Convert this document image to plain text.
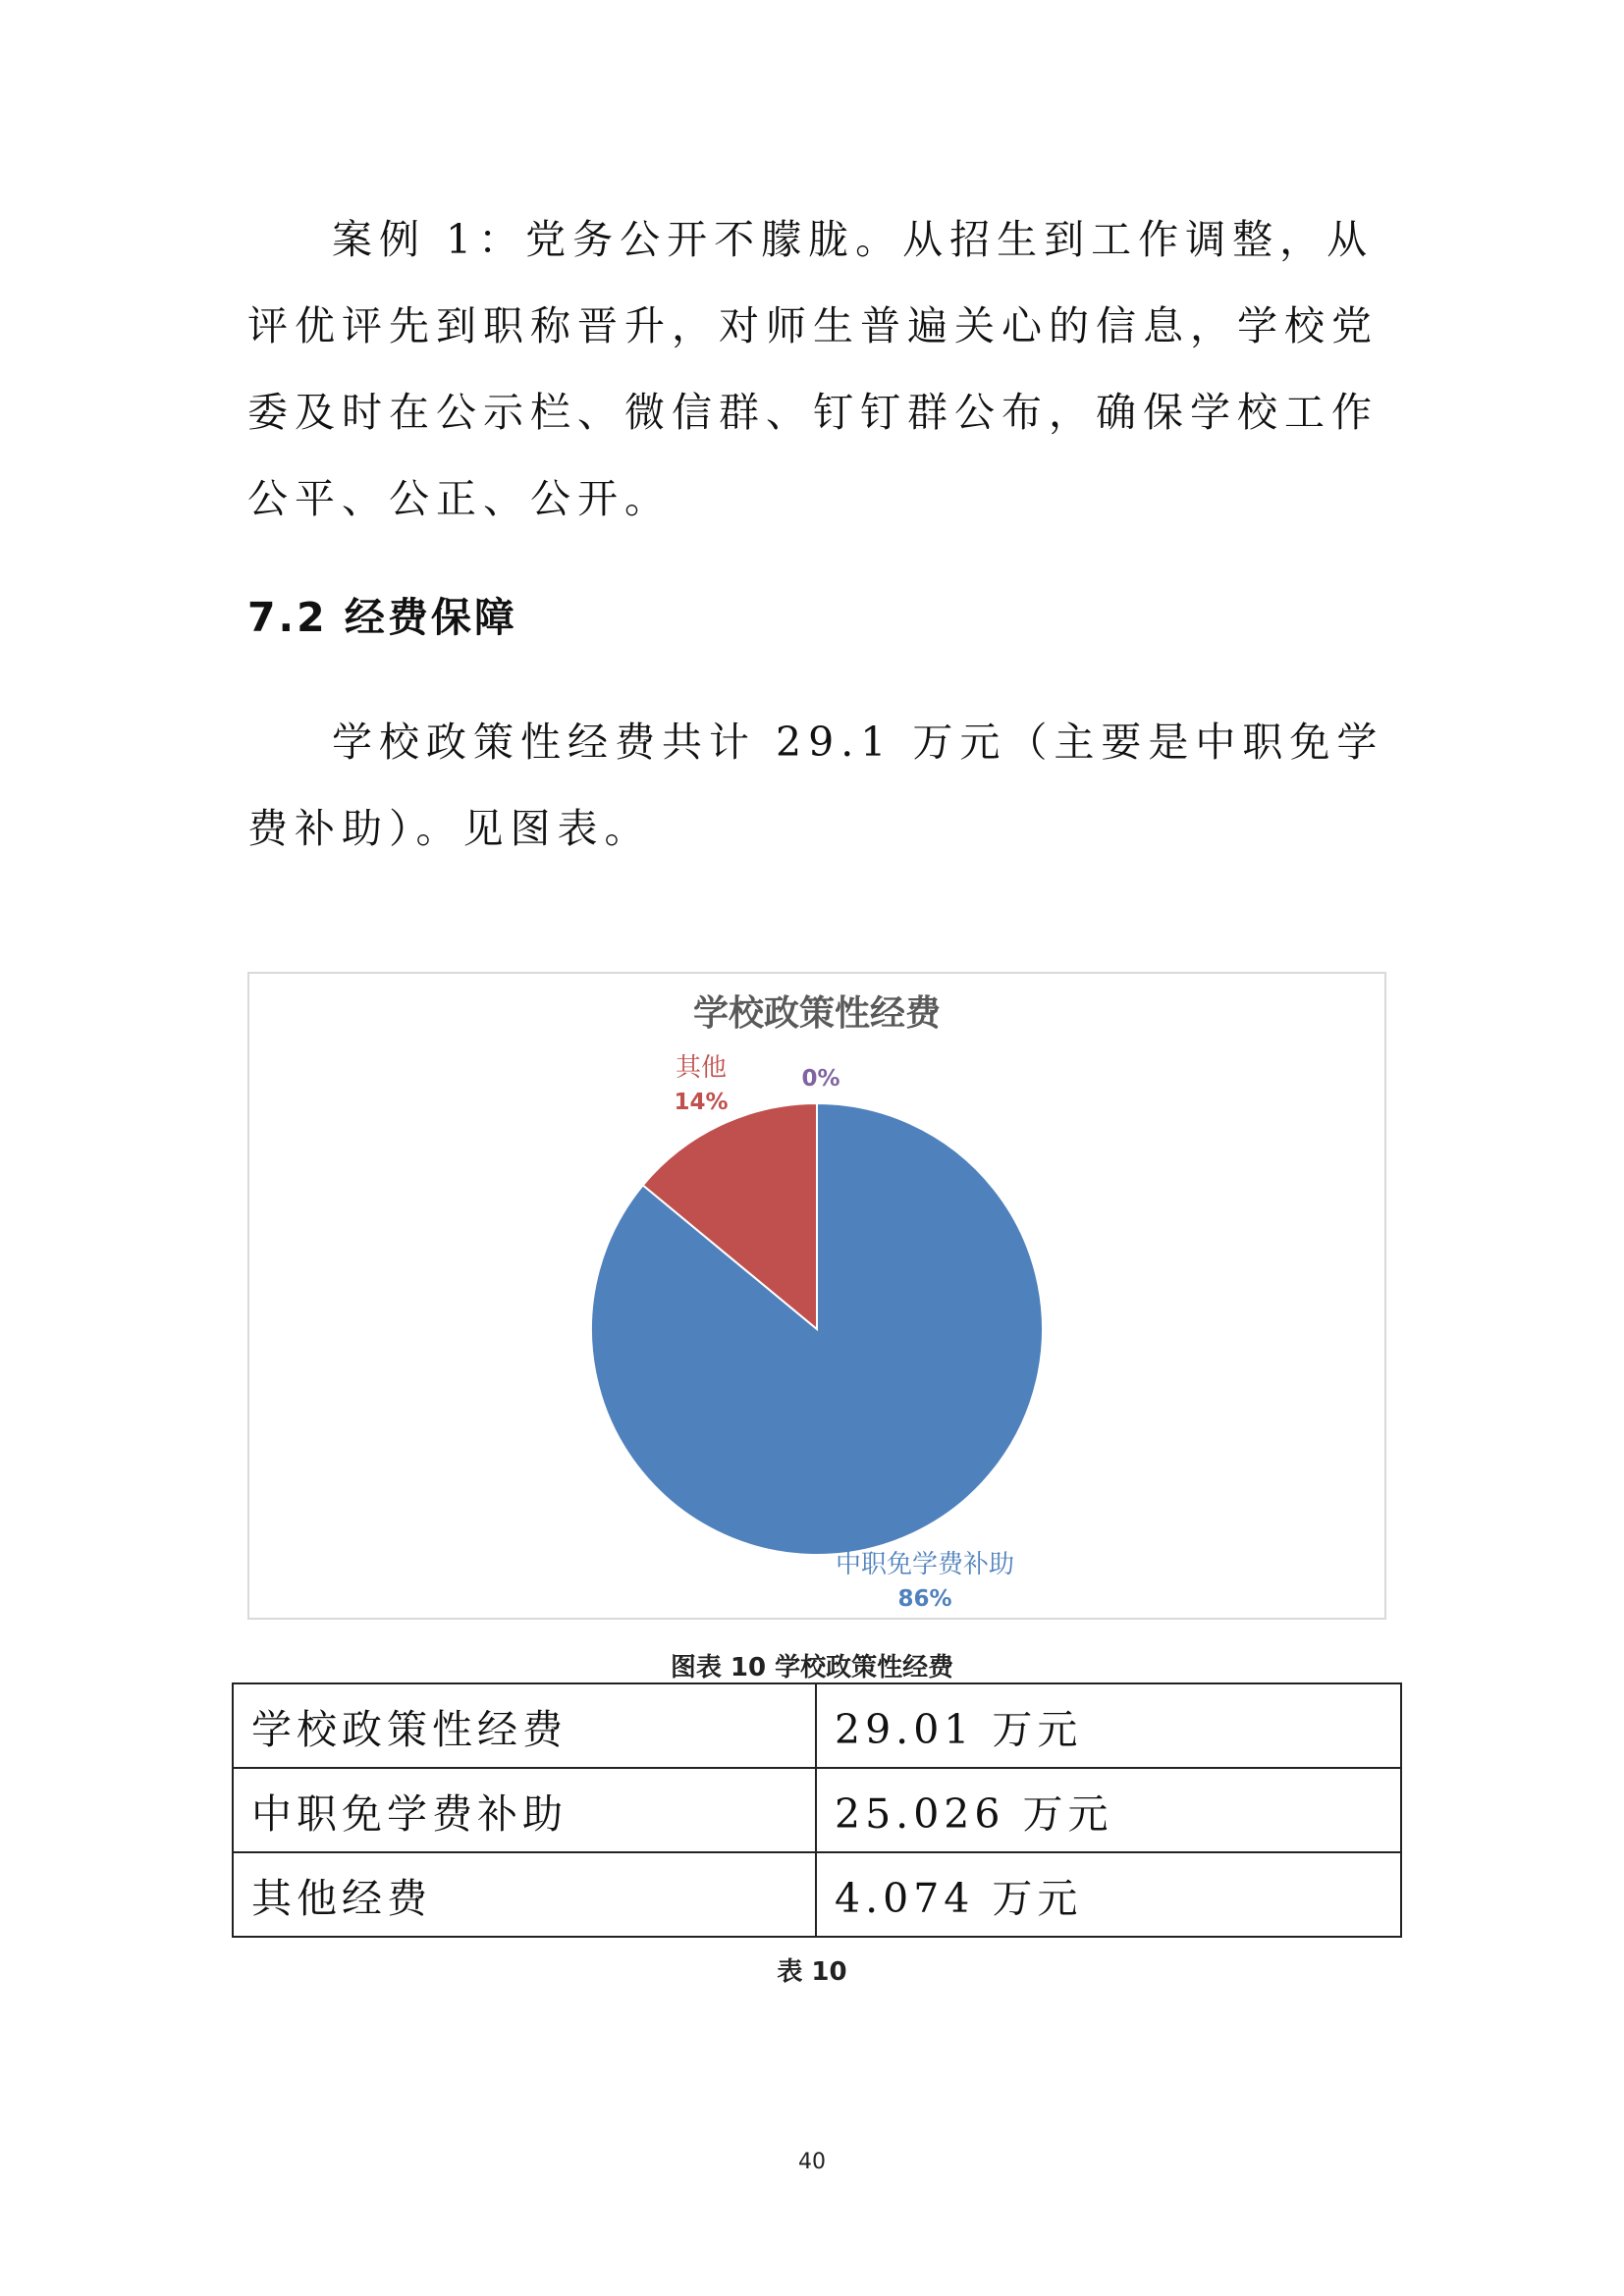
案例 1：党务公开不朦胧。从招生到工作调整，从评优评先到职称晋升，对师生普遍关心的信息，学校党委及时在公示栏、微信群、钉钉群公布，确保学校工作公平、公正、公开。

7.2 经费保障

学校政策性经费共计 29.1 万元（主要是中职免学费补助）。见图表。

学校政策性经费
中职免学费补助
86%
其他
14%
0%
图表 10 学校政策性经费
学校政策性经费	29.01 万元
中职免学费补助	25.026 万元
其他经费	4.074 万元
表 10
40
